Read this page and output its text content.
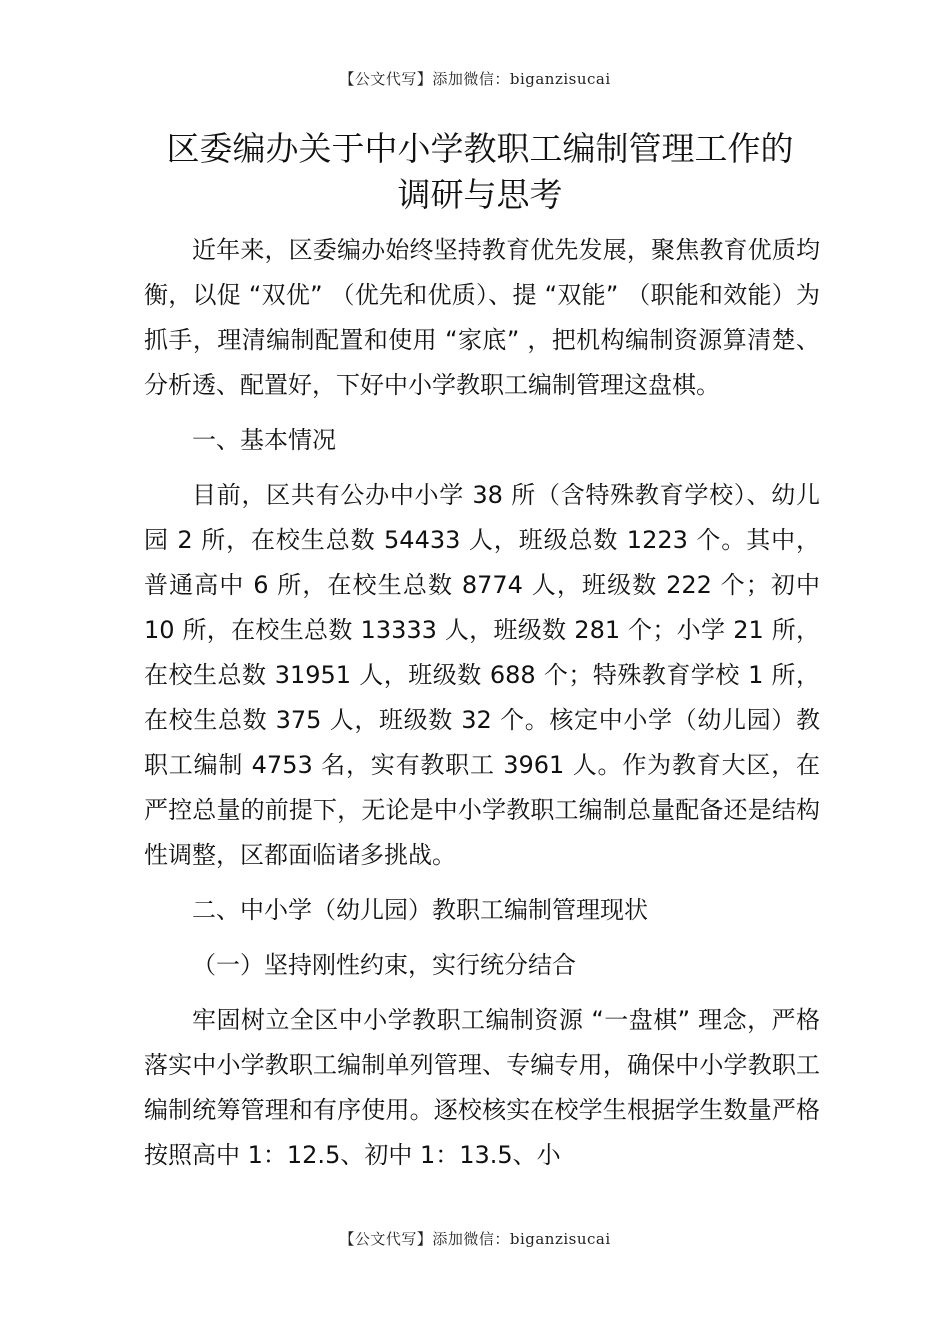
【公文代写】添加微信：biganzisucai
区委编办关于中小学教职工编制管理工作的
调研与思考

近年来，区委编办始终坚持教育优先发展，聚焦教育优质均衡，以促 “双优” （优先和优质）、提 “双能” （职能和效能）为抓手，理清编制配置和使用 “家底” ，把机构编制资源算清楚、分析透、配置好，下好中小学教职工编制管理这盘棋。

一、基本情况

目前，区共有公办中小学 38 所（含特殊教育学校）、幼儿园 2 所，在校生总数 54433 人，班级总数 1223 个。其中，普通高中 6 所，在校生总数 8774 人，班级数 222 个；初中 10 所，在校生总数 13333 人，班级数 281 个；小学 21 所，在校生总数 31951 人，班级数 688 个；特殊教育学校 1 所，在校生总数 375 人，班级数 32 个。核定中小学（幼儿园）教职工编制 4753 名，实有教职工 3961 人。作为教育大区，在严控总量的前提下，无论是中小学教职工编制总量配备还是结构性调整，区都面临诸多挑战。

二、中小学（幼儿园）教职工编制管理现状

（一）坚持刚性约束，实行统分结合

牢固树立全区中小学教职工编制资源 “一盘棋” 理念，严格落实中小学教职工编制单列管理、专编专用，确保中小学教职工编制统筹管理和有序使用。逐校核实在校学生根据学生数量严格按照高中 1：12.5、初中 1：13.5、小

【公文代写】添加微信：biganzisucai
